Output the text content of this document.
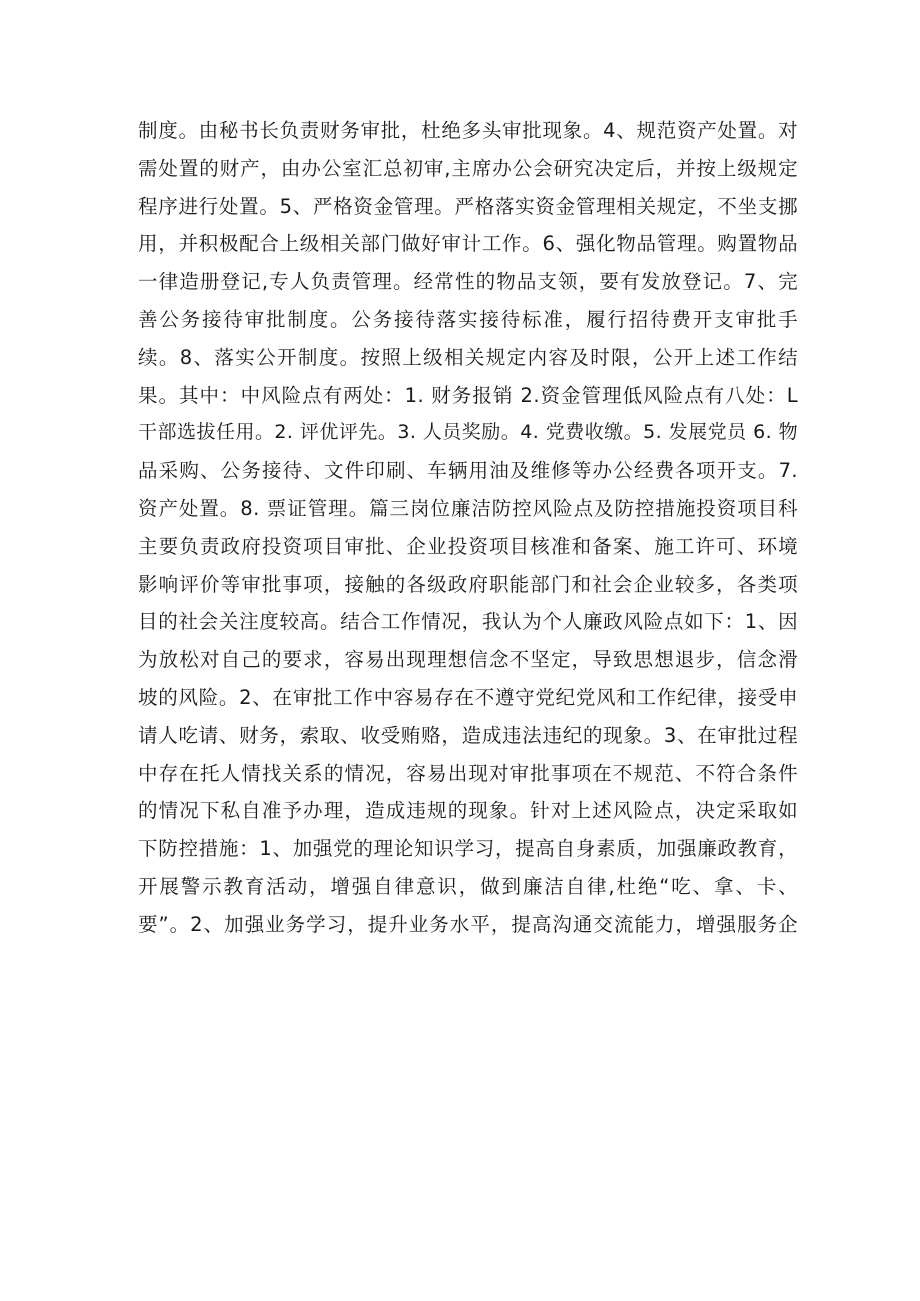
制度。由秘书长负责财务审批，杜绝多头审批现象。4、规范资产处置。对
需处置的财产，由办公室汇总初审,主席办公会研究决定后，并按上级规定
程序进行处置。5、严格资金管理。严格落实资金管理相关规定，不坐支挪
用，并积极配合上级相关部门做好审计工作。6、强化物品管理。购置物品
一律造册登记,专人负责管理。经常性的物品支领，要有发放登记。7、完
善公务接待审批制度。公务接待落实接待标准，履行招待费开支审批手
续。8、落实公开制度。按照上级相关规定内容及时限，公开上述工作结
果。其中：中风险点有两处：1. 财务报销 2.资金管理低风险点有八处：L
干部选拔任用。2. 评优评先。3. 人员奖励。4. 党费收缴。5. 发展党员 6. 物
品采购、公务接待、文件印刷、车辆用油及维修等办公经费各项开支。7.
资产处置。8. 票证管理。篇三岗位廉洁防控风险点及防控措施投资项目科
主要负责政府投资项目审批、企业投资项目核准和备案、施工许可、环境
影响评价等审批事项，接触的各级政府职能部门和社会企业较多，各类项
目的社会关注度较高。结合工作情况，我认为个人廉政风险点如下：1、因
为放松对自己的要求，容易出现理想信念不坚定，导致思想退步，信念滑
坡的风险。2、在审批工作中容易存在不遵守党纪党风和工作纪律，接受申
请人吃请、财务，索取、收受贿赂，造成违法违纪的现象。3、在审批过程
中存在托人情找关系的情况，容易出现对审批事项在不规范、不符合条件
的情况下私自准予办理，造成违规的现象。针对上述风险点，决定采取如
下防控措施：1、加强党的理论知识学习，提高自身素质，加强廉政教育，
开展警示教育活动，增强自律意识，做到廉洁自律,杜绝“吃、拿、卡、
要”。2、加强业务学习，提升业务水平，提高沟通交流能力，增强服务企
